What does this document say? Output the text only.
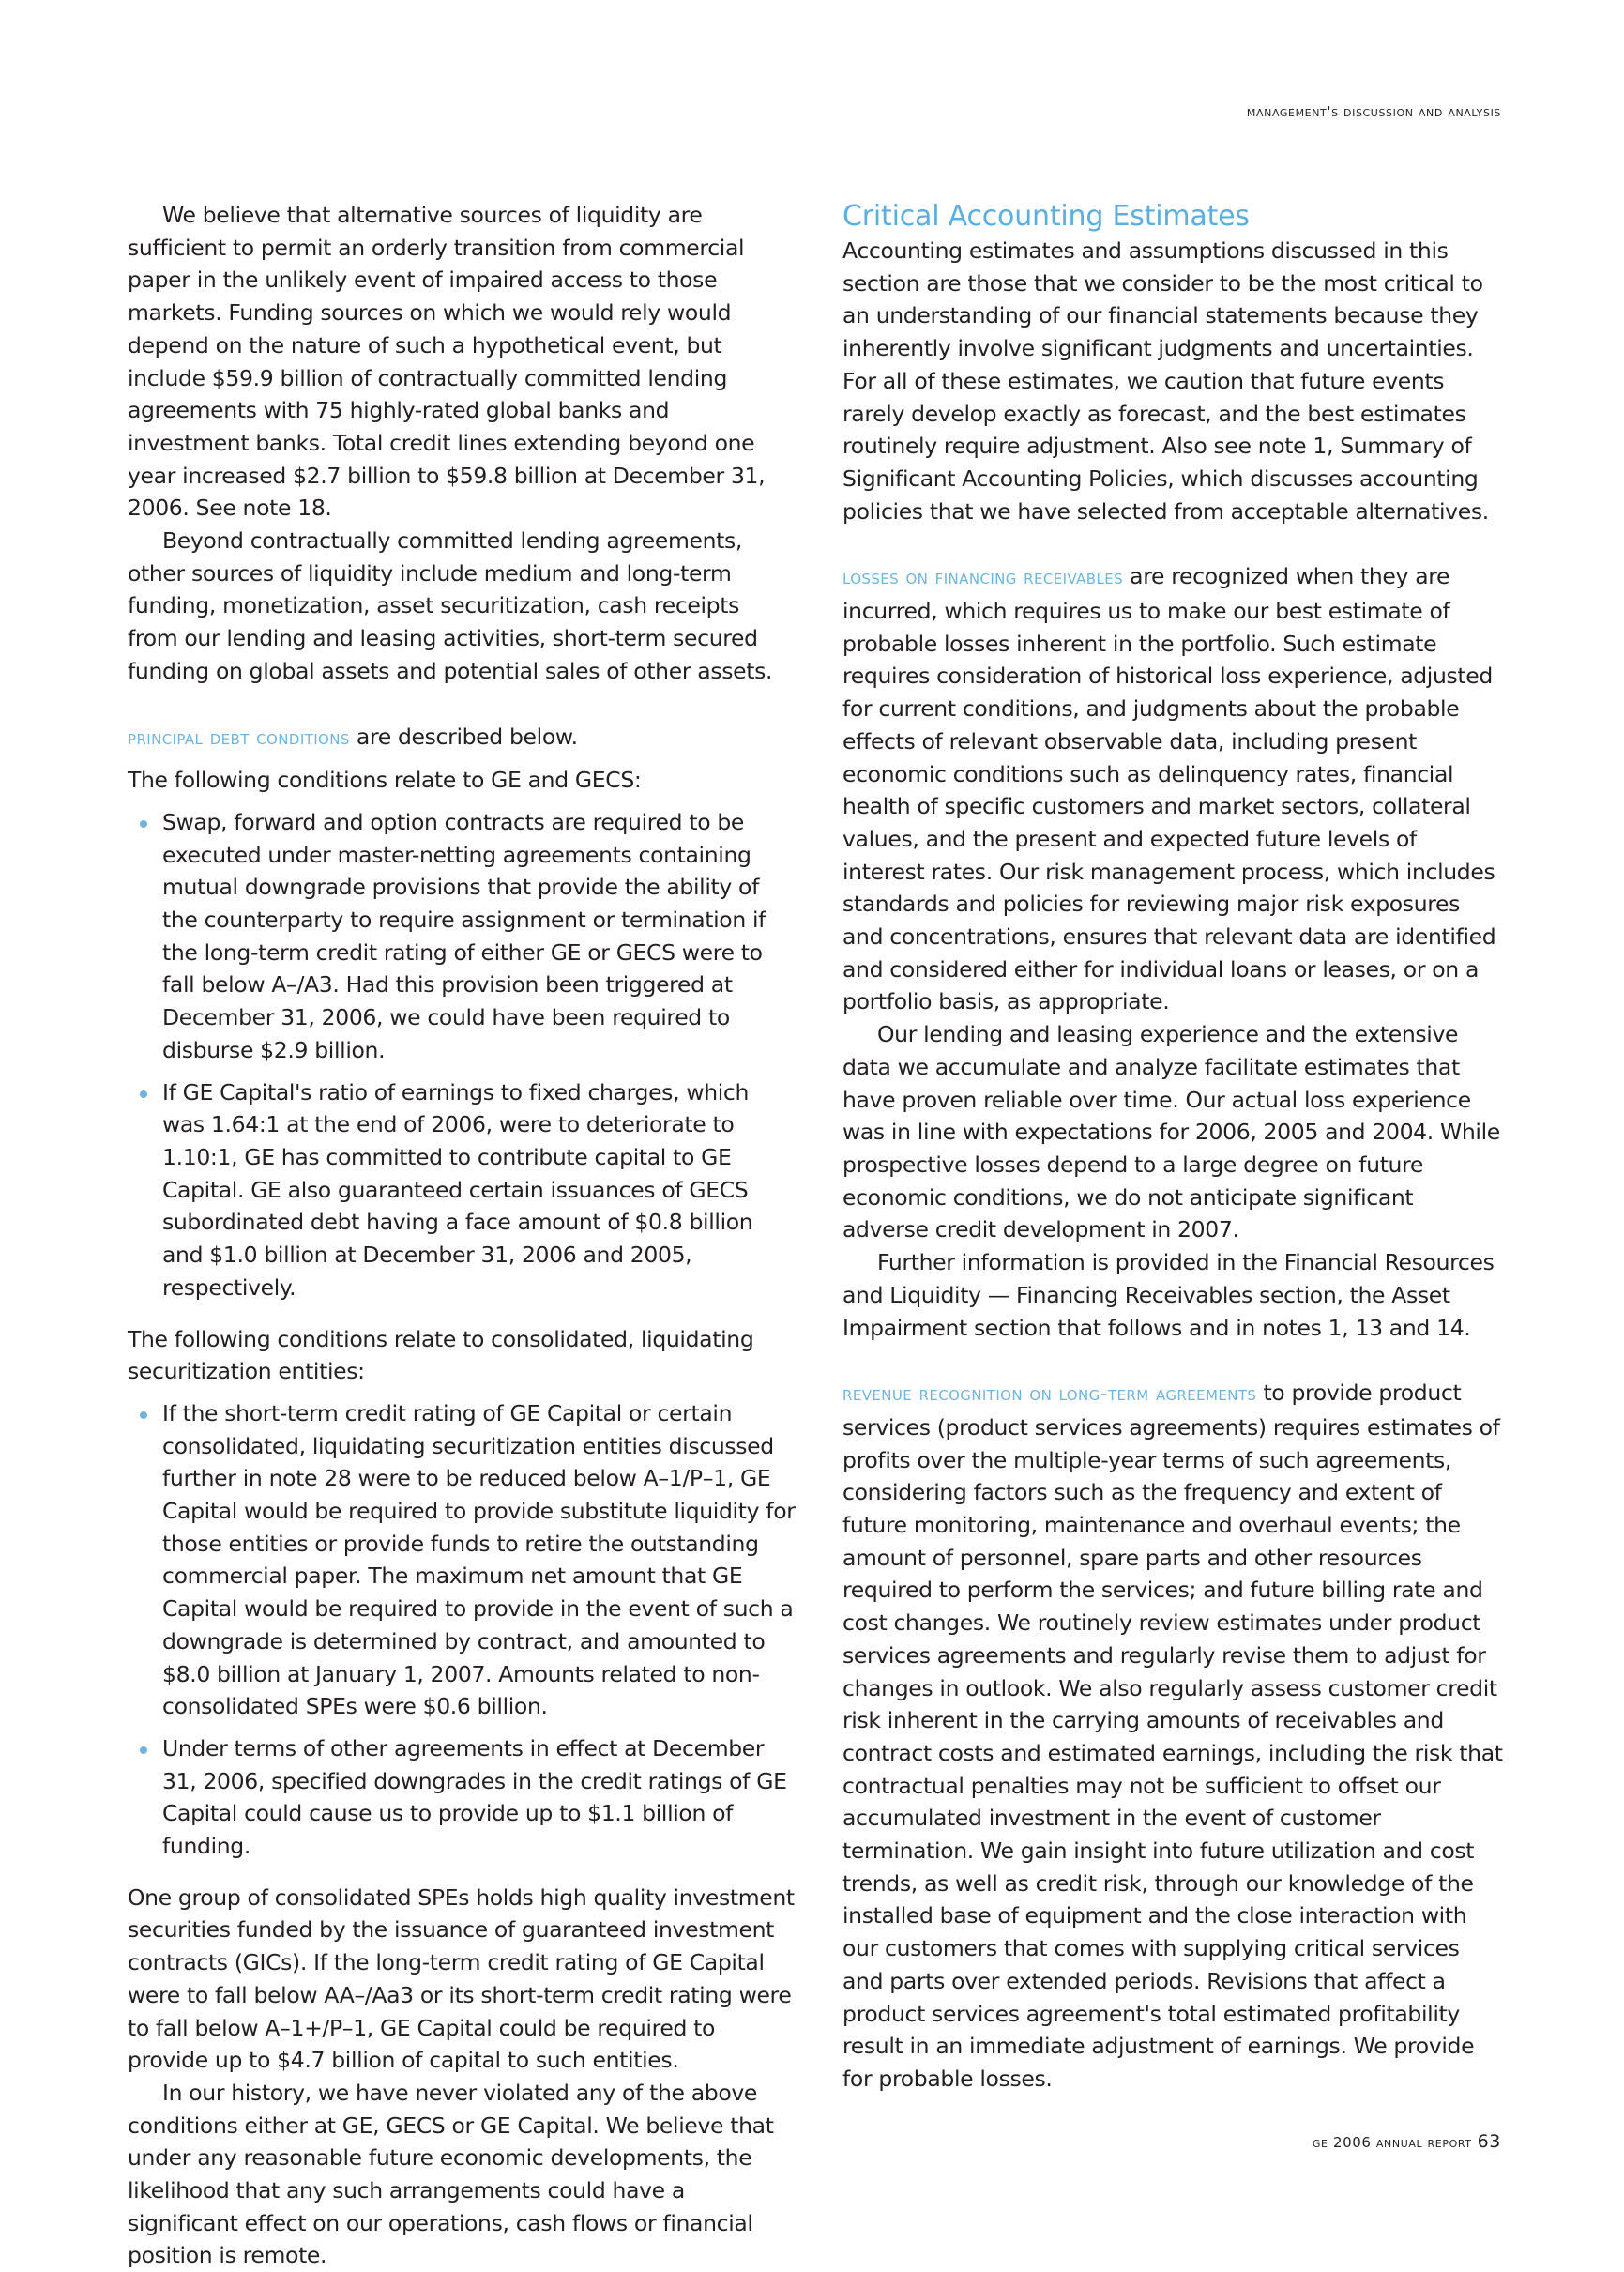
management's discussion and analysis

We believe that alternative sources of liquidity are sufficient to permit an orderly transition from commercial paper in the unlikely event of impaired access to those markets. Funding sources on which we would rely would depend on the nature of such a hypothetical event, but include $59.9 billion of contractually committed lending agreements with 75 highly-rated global banks and investment banks. Total credit lines extending beyond one year increased $2.7 billion to $59.8 billion at December 31, 2006. See note 18.

Beyond contractually committed lending agreements, other sources of liquidity include medium and long-term funding, monetization, asset securitization, cash receipts from our lending and leasing activities, short-term secured funding on global assets and potential sales of other assets.

principal debt conditions are described below.

The following conditions relate to GE and GECS:

Swap, forward and option contracts are required to be executed under master-netting agreements containing mutual downgrade provisions that provide the ability of the counterparty to require assignment or termination if the long-term credit rating of either GE or GECS were to fall below A–/A3. Had this provision been triggered at December 31, 2006, we could have been required to disburse $2.9 billion.
If GE Capital's ratio of earnings to fixed charges, which was 1.64:1 at the end of 2006, were to deteriorate to 1.10:1, GE has committed to contribute capital to GE Capital. GE also guaranteed certain issuances of GECS subordinated debt having a face amount of $0.8 billion and $1.0 billion at December 31, 2006 and 2005, respectively.

The following conditions relate to consolidated, liquidating securitization entities:

If the short-term credit rating of GE Capital or certain consolidated, liquidating securitization entities discussed further in note 28 were to be reduced below A–1/P–1, GE Capital would be required to provide substitute liquidity for those entities or provide funds to retire the outstanding commercial paper. The maximum net amount that GE Capital would be required to provide in the event of such a downgrade is determined by contract, and amounted to $8.0 billion at January 1, 2007. Amounts related to non-consolidated SPEs were $0.6 billion.
Under terms of other agreements in effect at December 31, 2006, specified downgrades in the credit ratings of GE Capital could cause us to provide up to $1.1 billion of funding.

One group of consolidated SPEs holds high quality investment securities funded by the issuance of guaranteed investment contracts (GICs). If the long-term credit rating of GE Capital were to fall below AA–/Aa3 or its short-term credit rating were to fall below A–1+/P–1, GE Capital could be required to provide up to $4.7 billion of capital to such entities.

In our history, we have never violated any of the above conditions either at GE, GECS or GE Capital. We believe that under any reasonable future economic developments, the likelihood that any such arrangements could have a significant effect on our operations, cash flows or financial position is remote.

Critical Accounting Estimates

Accounting estimates and assumptions discussed in this section are those that we consider to be the most critical to an understanding of our financial statements because they inherently involve significant judgments and uncertainties. For all of these estimates, we caution that future events rarely develop exactly as forecast, and the best estimates routinely require adjustment. Also see note 1, Summary of Significant Accounting Policies, which discusses accounting policies that we have selected from acceptable alternatives.

losses on financing receivables are recognized when they are incurred, which requires us to make our best estimate of probable losses inherent in the portfolio. Such estimate requires consideration of historical loss experience, adjusted for current conditions, and judgments about the probable effects of relevant observable data, including present economic conditions such as delinquency rates, financial health of specific customers and market sectors, collateral values, and the present and expected future levels of interest rates. Our risk management process, which includes standards and policies for reviewing major risk exposures and concentrations, ensures that relevant data are identified and considered either for individual loans or leases, or on a portfolio basis, as appropriate.

Our lending and leasing experience and the extensive data we accumulate and analyze facilitate estimates that have proven reliable over time. Our actual loss experience was in line with expectations for 2006, 2005 and 2004. While prospective losses depend to a large degree on future economic conditions, we do not anticipate significant adverse credit development in 2007.

Further information is provided in the Financial Resources and Liquidity — Financing Receivables section, the Asset Impairment section that follows and in notes 1, 13 and 14.

revenue recognition on long-term agreements to provide product services (product services agreements) requires estimates of profits over the multiple-year terms of such agreements, considering factors such as the frequency and extent of future monitoring, maintenance and overhaul events; the amount of personnel, spare parts and other resources required to perform the services; and future billing rate and cost changes. We routinely review estimates under product services agreements and regularly revise them to adjust for changes in outlook. We also regularly assess customer credit risk inherent in the carrying amounts of receivables and contract costs and estimated earnings, including the risk that contractual penalties may not be sufficient to offset our accumulated investment in the event of customer termination. We gain insight into future utilization and cost trends, as well as credit risk, through our knowledge of the installed base of equipment and the close interaction with our customers that comes with supplying critical services and parts over extended periods. Revisions that affect a product services agreement's total estimated profitability result in an immediate adjustment of earnings. We provide for probable losses.

ge 2006 annual report 63
